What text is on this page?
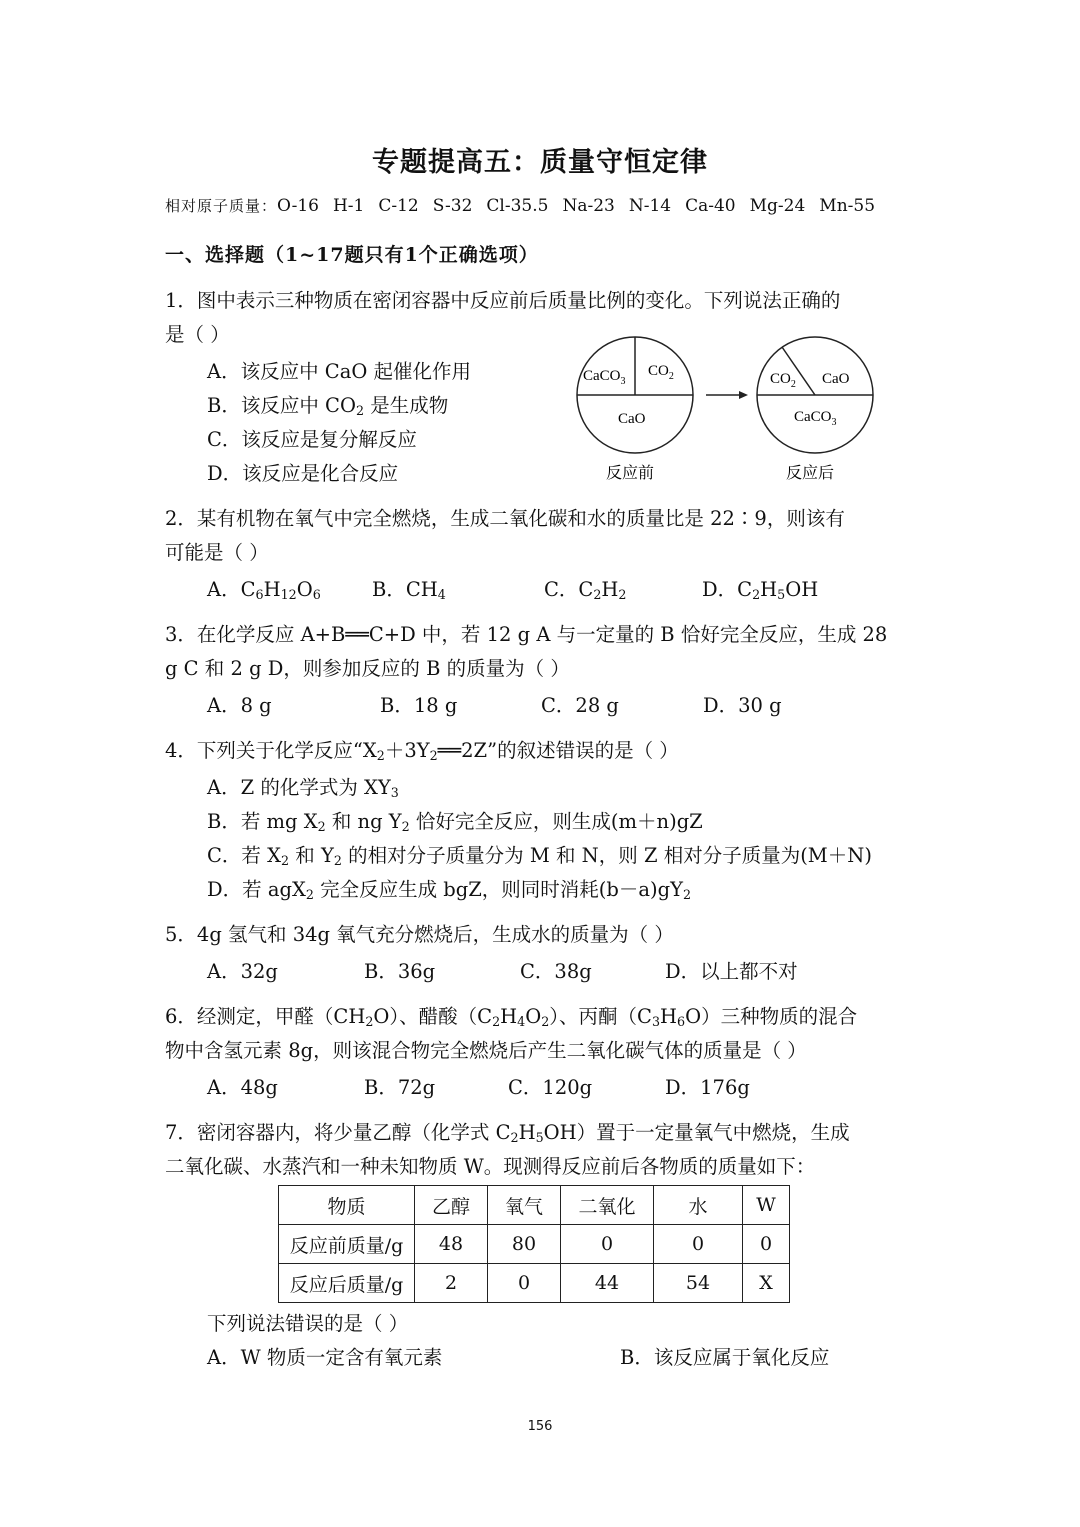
专题提高五：质量守恒定律
相对原子质量：O-16 H-1 C-12 S-32 Cl-35.5 Na-23 N-14 Ca-40 Mg-24 Mn-55
一、选择题（1~17题只有1个正确选项）
1．图中表示三种物质在密闭容器中反应前后质量比例的变化。下列说法正确的
是（ ）
A．该反应中 CaO 起催化作用
B．该反应中 $CO_2$ 是生成物
C．该反应是复分解反应
D．该反应是化合反应
CaCO$_3$
$CO_2$
CaO
$CO_2$ CaO
CaCO$_3$
反应前	反应后
2．某有机物在氧气中完全燃烧，生成二氧化碳和水的质量比是 22∶9，则该有
可能是（ ）
A．$C_6H_{12}O_6$	B．$CH_4$	C．$C_2H_2$	D．$C_2H_5OH$
3．在化学反应 A+B══C+D 中，若 12 g A 与一定量的 B 恰好完全反应，生成 28
g C 和 2 g D，则参加反应的 B 的质量为（ ）
A．8 g	B．18 g	C．28 g	D．30 g
4．下列关于化学反应“$X_2+3Y_2══2Z$”的叙述错误的是（ ）
A．Z 的化学式为 $XY_3$
B．若 mg $X_2$ 和 ng $Y_2$ 恰好完全反应，则生成(m＋n)gZ
C．若 $X_2$ 和 $Y_2$ 的相对分子质量分为 M 和 N，则 Z 相对分子质量为(M＋N)
D．若 agX$_2$ 完全反应生成 bgZ，则同时消耗$(b-a)gY_2$
5．4g 氢气和 34g 氧气充分燃烧后，生成水的质量为（ ）
A．32g	B．36g	C．38g	D．以上都不对
6．经测定，甲醛$(CH_2O)$、醋酸$(C_2H_4O_2)$、丙酮$(C_3H_6O)$三种物质的混合
物中含氢元素 8g，则该混合物完全燃烧后产生二氧化碳气体的质量是（ ）
A．48g	B．72g	C．120g	D．176g
7．密闭容器内，将少量乙醇（化学式 $C_2H_5OH$）置于一定量氧气中燃烧，生成
二氧化碳、水蒸汽和一种未知物质 W。现测得反应前后各物质的质量如下：
物质	乙醇	氧气	二氧化	水	W
反应前质量/g	48	80	0	0	0
反应后质量/g	2	0	44	54	X
下列说法错误的是（ ）
A．W 物质一定含有氧元素	B．该反应属于氧化反应
156
